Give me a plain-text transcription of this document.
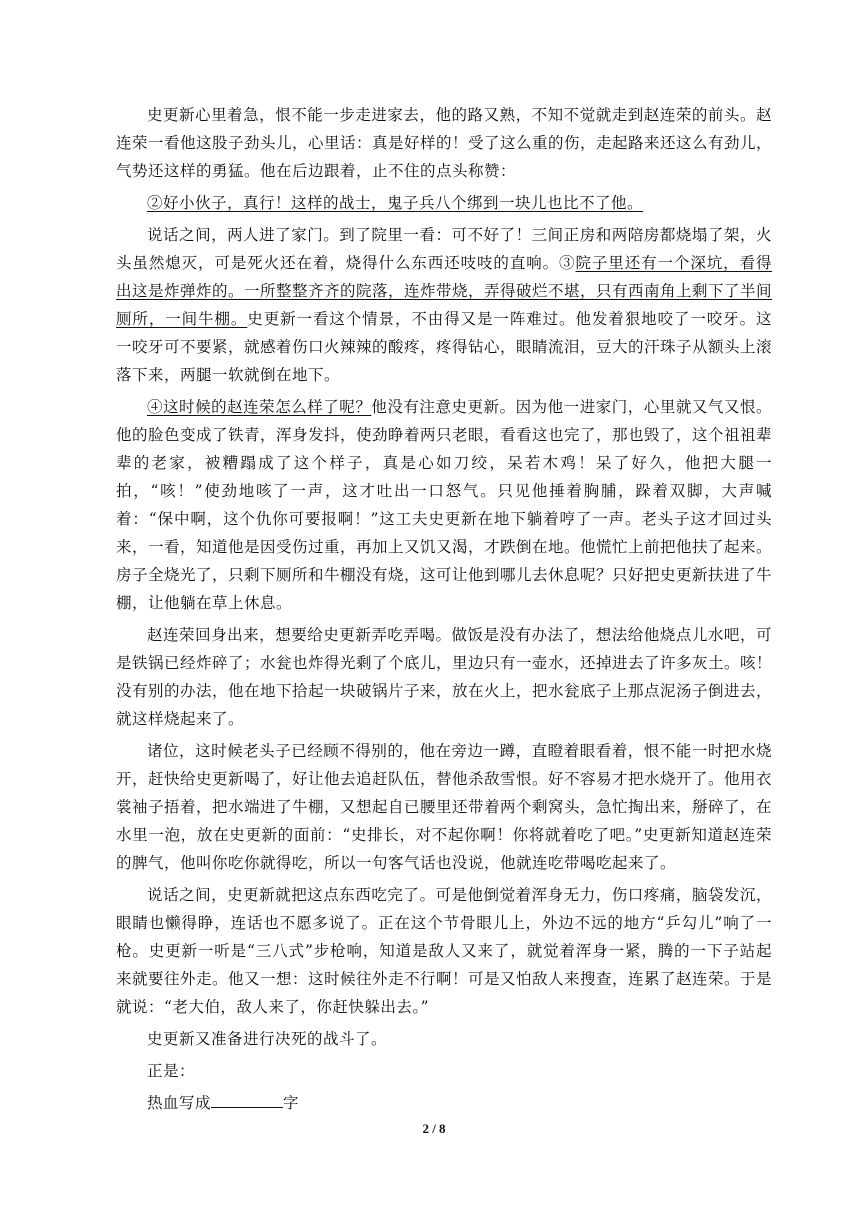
史更新心里着急，恨不能一步走进家去，他的路又熟，不知不觉就走到赵连荣的前头。赵连荣一看他这股子劲头儿，心里话：真是好样的！受了这么重的伤，走起路来还这么有劲儿，气势还这样的勇猛。他在后边跟着，止不住的点头称赞：

②好小伙子，真行！这样的战士，鬼子兵八个绑到一块儿也比不了他。

说话之间，两人进了家门。到了院里一看：可不好了！三间正房和两陪房都烧塌了架，火头虽然熄灭，可是死火还在着，烧得什么东西还吱吱的直响。③院子里还有一个深坑，看得出这是炸弹炸的。一所整整齐齐的院落，连炸带烧，弄得破烂不堪，只有西南角上剩下了半间厕所，一间牛棚。史更新一看这个情景，不由得又是一阵难过。他发着狠地咬了一咬牙。这一咬牙可不要紧，就感着伤口火辣辣的酸疼，疼得钻心，眼睛流泪，豆大的汗珠子从额头上滚落下来，两腿一软就倒在地下。

④这时候的赵连荣怎么样了呢？他没有注意史更新。因为他一进家门，心里就又气又恨。他的脸色变成了铁青，浑身发抖，使劲睁着两只老眼，看看这也完了，那也毁了，这个祖祖辈辈的老家，被糟蹋成了这个样子，真是心如刀绞，呆若木鸡！呆了好久，他把大腿一拍，“咳！”使劲地咳了一声，这才吐出一口怒气。只见他捶着胸脯，跺着双脚，大声喊着：“保中啊，这个仇你可要报啊！”这工夫史更新在地下躺着哼了一声。老头子这才回过头来，一看，知道他是因受伤过重，再加上又饥又渴，才跌倒在地。他慌忙上前把他扶了起来。房子全烧光了，只剩下厕所和牛棚没有烧，这可让他到哪儿去休息呢？只好把史更新扶进了牛棚，让他躺在草上休息。

赵连荣回身出来，想要给史更新弄吃弄喝。做饭是没有办法了，想法给他烧点儿水吧，可是铁锅已经炸碎了；水瓮也炸得光剩了个底儿，里边只有一壶水，还掉进去了许多灰土。咳！没有别的办法，他在地下拾起一块破锅片子来，放在火上，把水瓮底子上那点泥汤子倒进去，就这样烧起来了。

诸位，这时候老头子已经顾不得别的，他在旁边一蹲，直瞪着眼看着，恨不能一时把水烧开，赶快给史更新喝了，好让他去追赶队伍，替他杀敌雪恨。好不容易才把水烧开了。他用衣裳袖子捂着，把水端进了牛棚，又想起自已腰里还带着两个剩窝头，急忙掏出来，掰碎了，在水里一泡，放在史更新的面前：“史排长，对不起你啊！你将就着吃了吧。”史更新知道赵连荣的脾气，他叫你吃你就得吃，所以一句客气话也没说，他就连吃带喝吃起来了。

说话之间，史更新就把这点东西吃完了。可是他倒觉着浑身无力，伤口疼痛，脑袋发沉，眼睛也懒得睁，连话也不愿多说了。正在这个节骨眼儿上，外边不远的地方“乒勾儿”响了一枪。史更新一听是“三八式”步枪响，知道是敌人又来了，就觉着浑身一紧，腾的一下子站起来就要往外走。他又一想：这时候往外走不行啊！可是又怕敌人来搜查，连累了赵连荣。于是就说：“老大伯，敌人来了，你赶快躲出去。”

史更新又准备进行决死的战斗了。

正是：

热血写成	字

2 / 8
